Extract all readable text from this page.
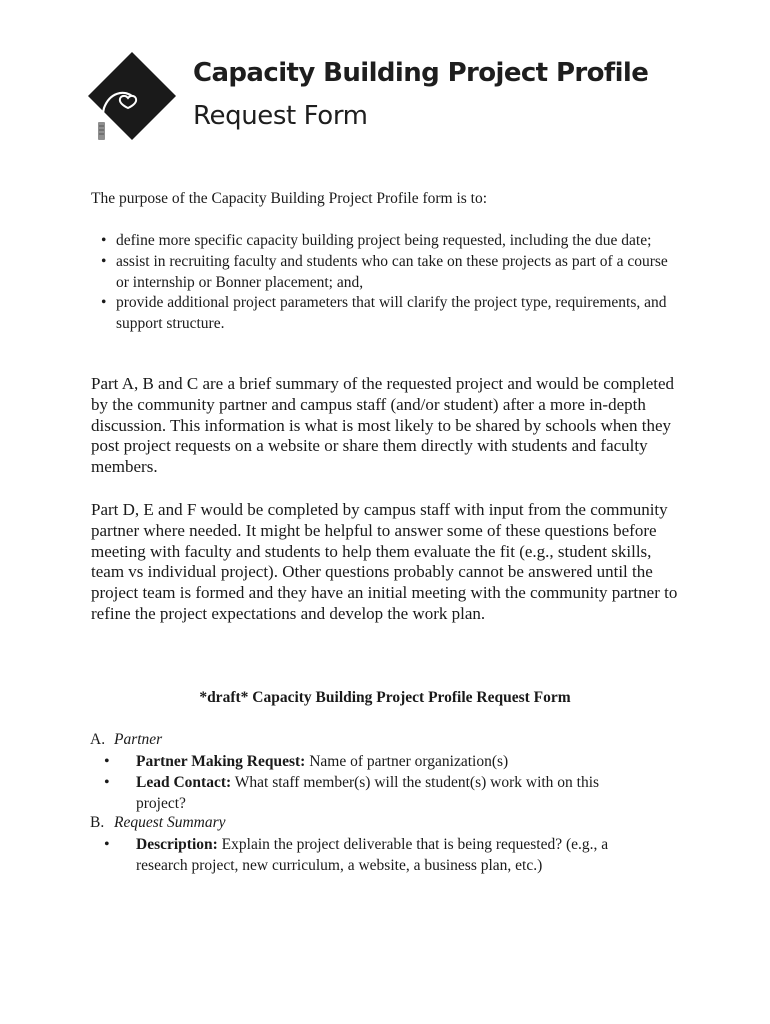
Capacity Building Project Profile
Request Form
The purpose of the Capacity Building Project Profile form is to:
• define more specific capacity building project being requested, including the due date;
• assist in recruiting faculty and students who can take on these projects as part of a course or internship or Bonner placement; and,
• provide additional project parameters that will clarify the project type, requirements, and support structure.

Part A, B and C are a brief summary of the requested project and would be completed by the community partner and campus staff (and/or student) after a more in-depth discussion. This information is what is most likely to be shared by schools when they post project requests on a website or share them directly with students and faculty members.

Part D, E and F would be completed by campus staff with input from the community partner where needed. It might be helpful to answer some of these questions before meeting with faculty and students to help them evaluate the fit (e.g., student skills, team vs individual project). Other questions probably cannot be answered until the project team is formed and they have an initial meeting with the community partner to refine the project expectations and develop the work plan.

*draft* Capacity Building Project Profile Request Form
A. Partner
• Partner Making Request: Name of partner organization(s)
• Lead Contact: What staff member(s) will the student(s) work with on this project?
B. Request Summary
• Description: Explain the project deliverable that is being requested? (e.g., a research project, new curriculum, a website, a business plan, etc.)
